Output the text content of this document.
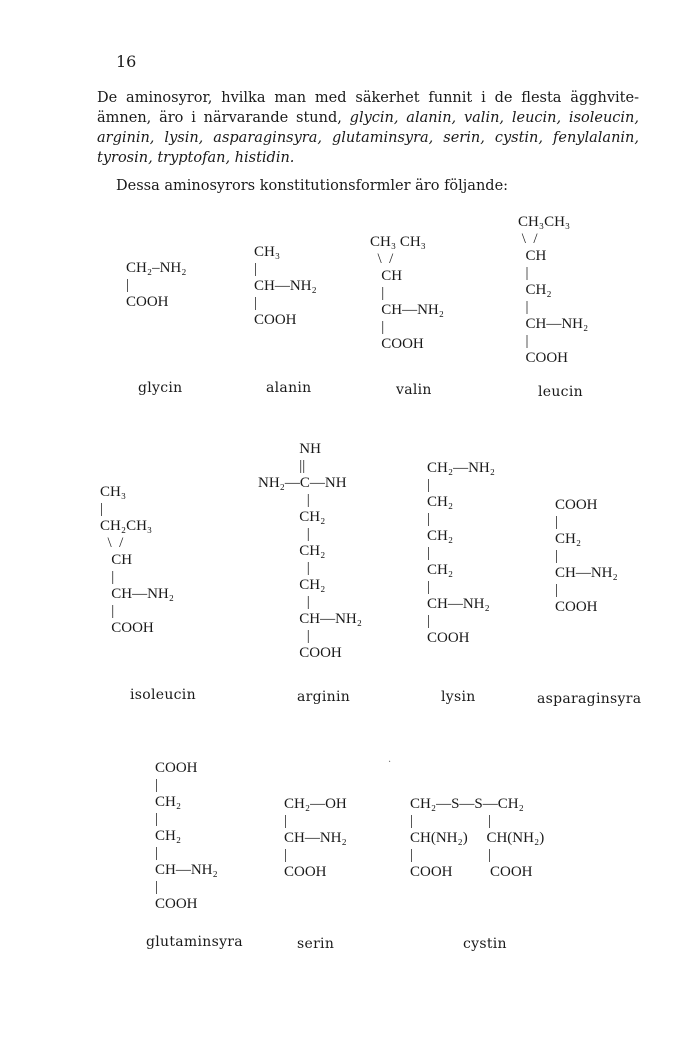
16
De aminosyror, hvilka man med säkerhet funnit i de flesta ägghvite-ämnen, äro i närvarande stund, glycin, alanin, valin, leucin, isoleucin, arginin, lysin, asparaginsyra, glutaminsyra, serin, cystin, fenylalanin, tyrosin, tryptofan, histidin.
Dessa aminosyrors konstitutionsformler äro följande:
CH₂–NH₂
|
COOH
CH₃
|
CH—NH₂
|
COOH
CH₃ CH₃
\  /
CH
|
CH—NH₂
|
COOH
CH₃CH₃
\  /
CH
|
CH₂
|
CH—NH₂
|
COOH
glycin	alanin	valin	leucin
CH₃
|
CH₂CH₃
\  /
CH
|
CH—NH₂
|
COOH
NH
||
NH₂—C—NH
|
CH₂
|
CH₂
|
CH₂
|
CH—NH₂
|
COOH
CH₂—NH₂
|
CH₂
|
CH₂
|
CH₂
|
CH—NH₂
|
COOH
COOH
|
CH₂
|
CH—NH₂
|
COOH
isoleucin	arginin	lysin	asparaginsyra
COOH
|
CH₂
|
CH₂
|
CH—NH₂
|
COOH
CH₂—OH
|
CH—NH₂
|
COOH
CH₂—S—S—CH₂
|                    |
CH(NH₂)     CH(NH₂)
|                    |
COOH          COOH
glutaminsyra	serin	cystin
·
